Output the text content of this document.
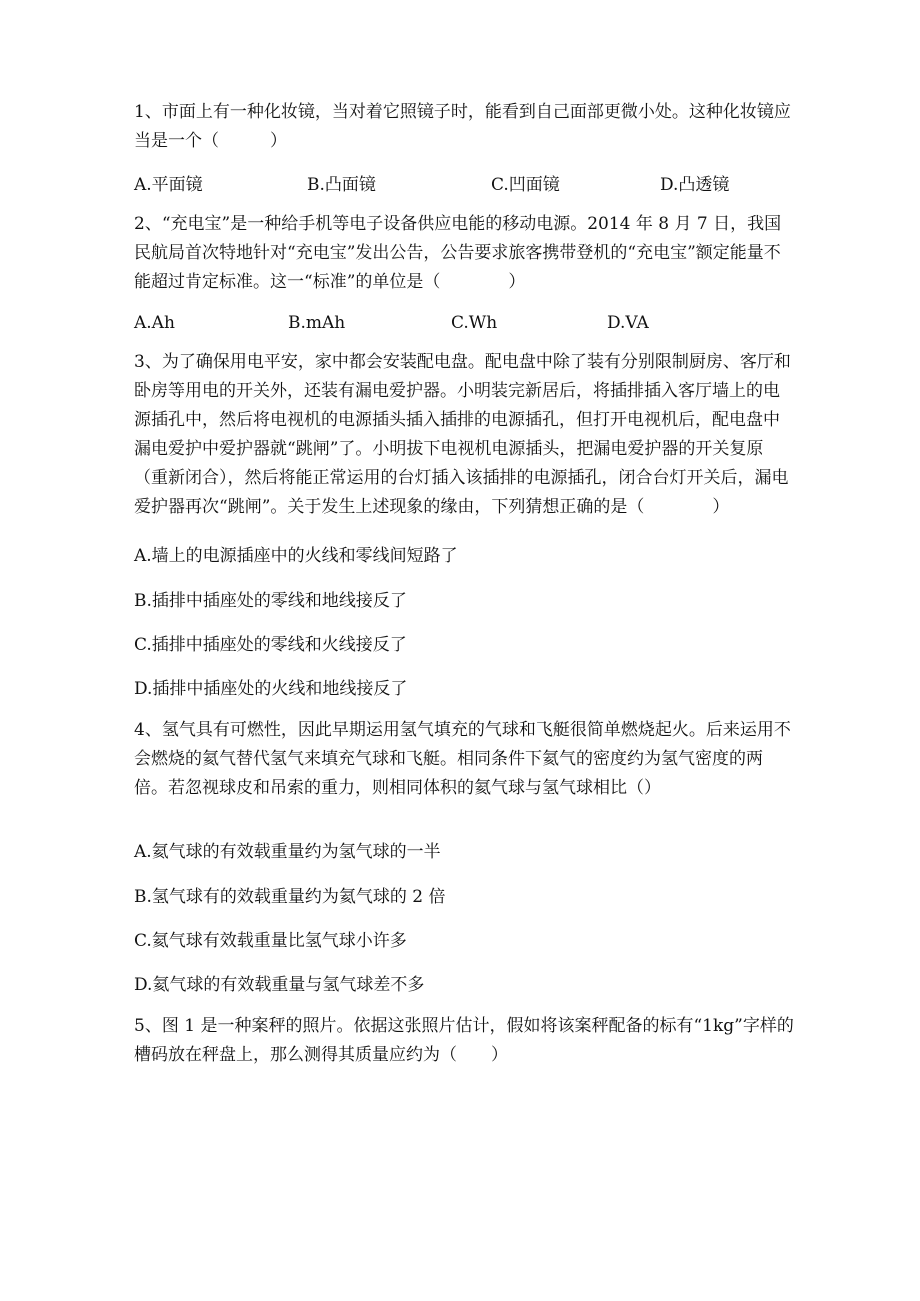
1、市面上有一种化妆镜，当对着它照镜子时，能看到自己面部更微小处。这种化妆镜应当是一个（　　　）

A.平面镜	B.凸面镜	C.凹面镜	D.凸透镜

2、“充电宝”是一种给手机等电子设备供应电能的移动电源。2014 年 8 月 7 日，我国民航局首次特地针对“充电宝”发出公告，公告要求旅客携带登机的“充电宝”额定能量不能超过肯定标准。这一“标准”的单位是（　　　　）

A.Ah	B.mAh	C.Wh	D.VA

3、为了确保用电平安，家中都会安装配电盘。配电盘中除了装有分别限制厨房、客厅和卧房等用电的开关外，还装有漏电爱护器。小明装完新居后，将插排插入客厅墙上的电源插孔中，然后将电视机的电源插头插入插排的电源插孔，但打开电视机后，配电盘中漏电爱护中爱护器就“跳闸”了。小明拔下电视机电源插头，把漏电爱护器的开关复原（重新闭合），然后将能正常运用的台灯插入该插排的电源插孔，闭合台灯开关后，漏电爱护器再次“跳闸”。关于发生上述现象的缘由，下列猜想正确的是（　　　　）

A.墙上的电源插座中的火线和零线间短路了
B.插排中插座处的零线和地线接反了
C.插排中插座处的零线和火线接反了
D.插排中插座处的火线和地线接反了

4、氢气具有可燃性，因此早期运用氢气填充的气球和飞艇很简单燃烧起火。后来运用不会燃烧的氦气替代氢气来填充气球和飞艇。相同条件下氦气的密度约为氢气密度的两倍。若忽视球皮和吊索的重力，则相同体积的氦气球与氢气球相比（）

A.氦气球的有效载重量约为氢气球的一半
B.氢气球有的效载重量约为氦气球的 2 倍
C.氦气球有效载重量比氢气球小许多
D.氦气球的有效载重量与氢气球差不多

5、图 1 是一种案秤的照片。依据这张照片估计，假如将该案秤配备的标有“1kg”字样的槽码放在秤盘上，那么测得其质量应约为（　　）
